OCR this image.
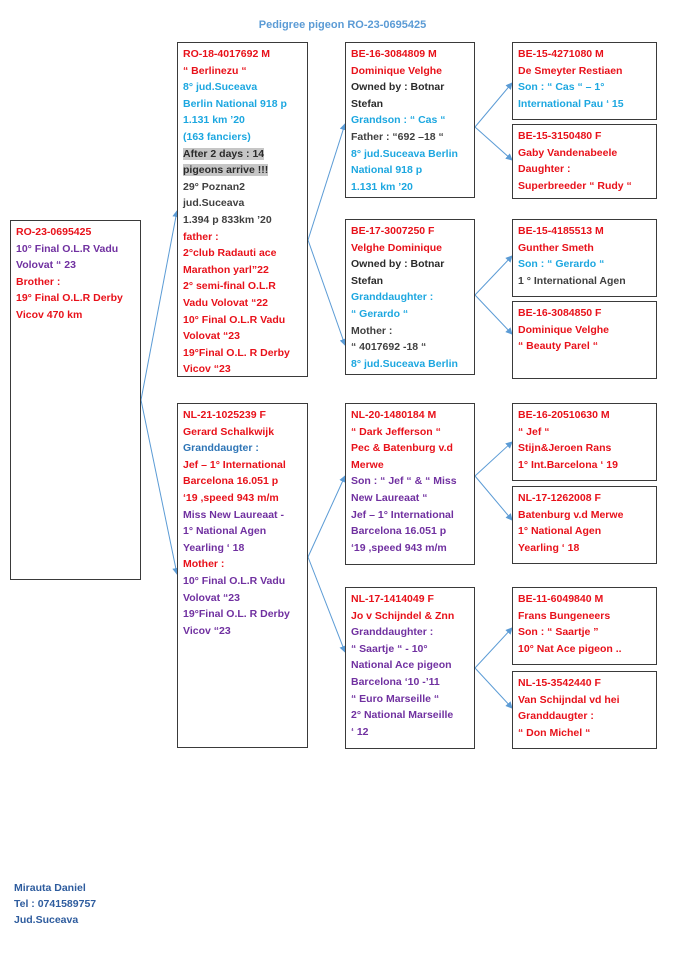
Pedigree pigeon RO-23-0695425
RO-23-0695425
10° Final O.L.R Vadu
Volovat “ 23
Brother :
19° Final O.L.R Derby
Vicov 470 km
RO-18-4017692 M
“ Berlinezu “
8° jud.Suceava
Berlin National 918 p
1.131 km ’20
(163 fanciers)
After 2 days : 14
pigeons arrive !!!
29° Poznan2
jud.Suceava
1.394 p 833km ’20
father :
2°club Radauti ace
Marathon yarl”22
2° semi-final O.L.R
Vadu Volovat “22
10° Final O.L.R Vadu
Volovat “23
19°Final O.L. R Derby
Vicov “23
NL-21-1025239 F
Gerard Schalkwijk
Granddaugter :
Jef – 1° International
Barcelona 16.051 p
‘19 ,speed 943 m/m
Miss New Laureaat -
1° National Agen
Yearling ‘ 18
Mother :
10° Final O.L.R Vadu
Volovat “23
19°Final O.L. R Derby
Vicov “23
BE-16-3084809 M
Dominique Velghe
Owned by : Botnar
Stefan
Grandson : “ Cas “
Father : “692 –18 “
8° jud.Suceava Berlin
National 918 p
1.131 km ’20
BE-17-3007250 F
Velghe Dominique
Owned by : Botnar
Stefan
Granddaughter :
“ Gerardo “
Mother :
“ 4017692 -18 “
8° jud.Suceava Berlin
NL-20-1480184 M
“ Dark Jefferson “
Pec & Batenburg v.d
Merwe
Son : “ Jef “ & “ Miss
New Laureaat “
Jef – 1° International
Barcelona 16.051 p
‘19 ,speed 943 m/m
NL-17-1414049 F
Jo v Schijndel & Znn
Granddaughter :
“ Saartje “ - 10°
National Ace pigeon
Barcelona ‘10 -’11
“ Euro Marseille “
2° National Marseille
‘ 12
BE-15-4271080 M
De Smeyter Restiaen
Son : “ Cas “ – 1°
International Pau ‘ 15
BE-15-3150480 F
Gaby Vandenabeele
Daughter :
Superbreeder “ Rudy “
BE-15-4185513 M
Gunther Smeth
Son : “ Gerardo “
1 ° International Agen
BE-16-3084850 F
Dominique Velghe
“ Beauty Parel “
BE-16-20510630 M
“ Jef “
Stijn&Jeroen Rans
1° Int.Barcelona ‘ 19
NL-17-1262008 F
Batenburg v.d Merwe
1° National Agen
Yearling ‘ 18
BE-11-6049840 M
Frans Bungeneers
Son : “ Saartje ”
10° Nat Ace pigeon ..
NL-15-3542440 F
Van Schijndal vd hei
Granddaugter :
“ Don Michel “
Mirauta Daniel
Tel : 0741589757
Jud.Suceava
